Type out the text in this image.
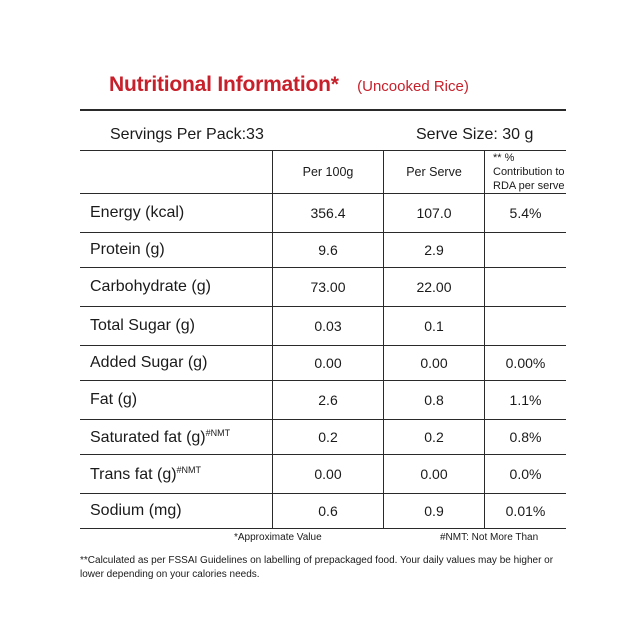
Nutritional Information* (Uncooked Rice)
Servings Per Pack:33	Serve Size: 30 g
	Per 100g	Per Serve	** % Contribution to RDA per serve
Energy (kcal)	356.4	107.0	5.4%
Protein (g)	9.6	2.9	
Carbohydrate (g)	73.00	22.00	
Total Sugar (g)	0.03	0.1	
Added Sugar (g)	0.00	0.00	0.00%
Fat (g)	2.6	0.8	1.1%
Saturated fat $(g)^{\#NMT}$	0.2	0.2	0.8%
Trans fat $(g)^{\#NMT}$	0.00	0.00	0.0%
Sodium (mg)	0.6	0.9	0.01%
*Approximate Value	#NMT: Not More Than
**Calculated as per FSSAI Guidelines on labelling of prepackaged food. Your daily values may be higher or lower depending on your calories needs.
